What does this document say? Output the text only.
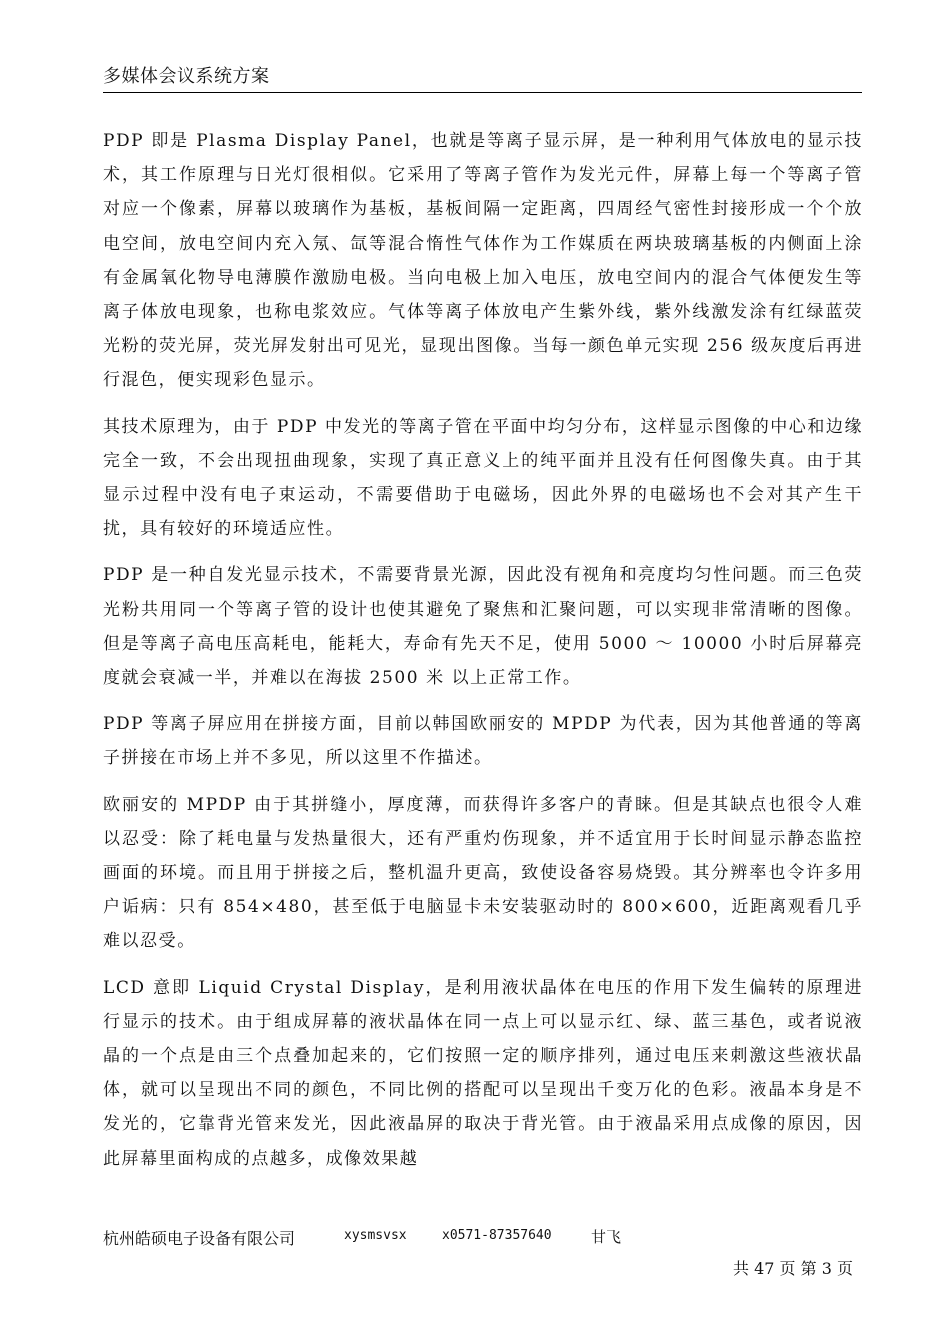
多媒体会议系统方案

PDP 即是 Plasma Display Panel，也就是等离子显示屏，是一种利用气体放电的显示技术，其工作原理与日光灯很相似。它采用了等离子管作为发光元件，屏幕上每一个等离子管对应一个像素，屏幕以玻璃作为基板，基板间隔一定距离，四周经气密性封接形成一个个放电空间，放电空间内充入氖、氙等混合惰性气体作为工作媒质在两块玻璃基板的内侧面上涂有金属氧化物导电薄膜作激励电极。当向电极上加入电压，放电空间内的混合气体便发生等离子体放电现象，也称电浆效应。气体等离子体放电产生紫外线，紫外线激发涂有红绿蓝荧光粉的荧光屏，荧光屏发射出可见光，显现出图像。当每一颜色单元实现 256 级灰度后再进行混色，便实现彩色显示。

其技术原理为，由于 PDP 中发光的等离子管在平面中均匀分布，这样显示图像的中心和边缘完全一致，不会出现扭曲现象，实现了真正意义上的纯平面并且没有任何图像失真。由于其显示过程中没有电子束运动，不需要借助于电磁场，因此外界的电磁场也不会对其产生干扰，具有较好的环境适应性。

PDP 是一种自发光显示技术，不需要背景光源，因此没有视角和亮度均匀性问题。而三色荧光粉共用同一个等离子管的设计也使其避免了聚焦和汇聚问题，可以实现非常清晰的图像。但是等离子高电压高耗电，能耗大，寿命有先天不足，使用 5000 ～ 10000 小时后屏幕亮度就会衰减一半，并难以在海拔 2500 米 以上正常工作。

PDP 等离子屏应用在拼接方面，目前以韩国欧丽安的 MPDP 为代表，因为其他普通的等离子拼接在市场上并不多见，所以这里不作描述。

欧丽安的 MPDP 由于其拼缝小，厚度薄，而获得许多客户的青睐。但是其缺点也很令人难以忍受：除了耗电量与发热量很大，还有严重灼伤现象，并不适宜用于长时间显示静态监控画面的环境。而且用于拼接之后，整机温升更高，致使设备容易烧毁。其分辨率也令许多用户诟病：只有 854×480，甚至低于电脑显卡未安装驱动时的 800×600，近距离观看几乎难以忍受。

LCD 意即 Liquid Crystal Display，是利用液状晶体在电压的作用下发生偏转的原理进行显示的技术。由于组成屏幕的液状晶体在同一点上可以显示红、绿、蓝三基色，或者说液晶的一个点是由三个点叠加起来的，它们按照一定的顺序排列，通过电压来刺激这些液状晶体，就可以呈现出不同的颜色，不同比例的搭配可以呈现出千变万化的色彩。液晶本身是不发光的，它靠背光管来发光，因此液晶屏的取决于背光管。由于液晶采用点成像的原因，因此屏幕里面构成的点越多，成像效果越

杭州皓硕电子设备有限公司	xysmsvsx	x0571-87357640	甘飞
共 47 页 第 3 页
